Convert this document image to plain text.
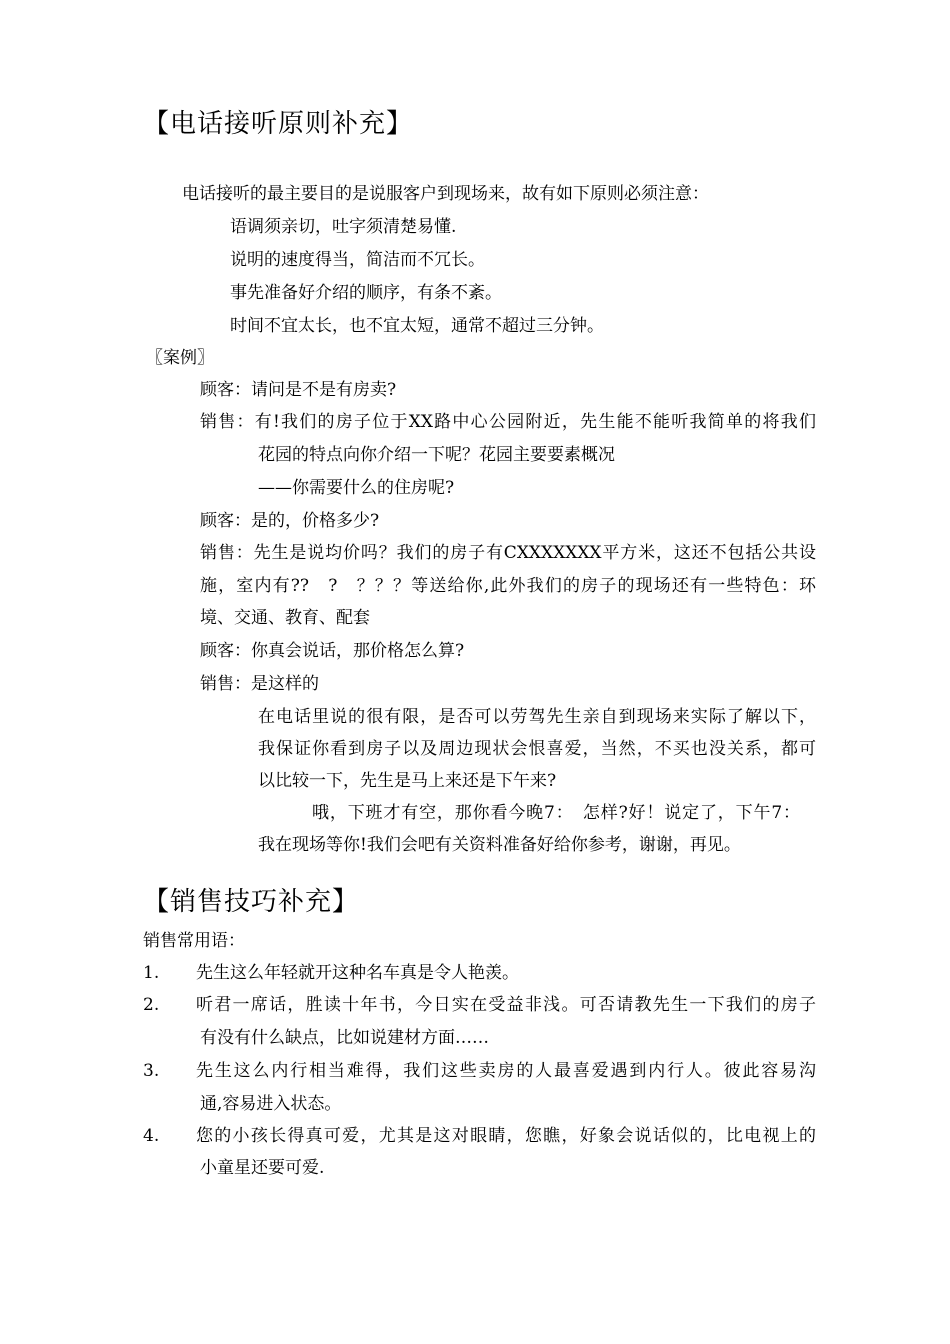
【电话接听原则补充】
电话接听的最主要目的是说服客户到现场来，故有如下原则必须注意：
语调须亲切，吐字须清楚易懂.
说明的速度得当，简洁而不冗长。
事先准备好介绍的顺序，有条不紊。
时间不宜太长，也不宜太短，通常不超过三分钟。
〖案例〗
顾客：请问是不是有房卖?
销售：有!我们的房子位于XX路中心公园附近，先生能不能听我简单的将我们
花园的特点向你介绍一下呢？花园主要要素概况
——你需要什么的住房呢?
顾客：是的，价格多少?
销售：先生是说均价吗？我们的房子有CXXXXXXX平方米，这还不包括公共设
施，室内有??　?　？？？等送给你,此外我们的房子的现场还有一些特色：环
境、交通、教育、配套
顾客：你真会说话，那价格怎么算?
销售：是这样的
在电话里说的很有限，是否可以劳驾先生亲自到现场来实际了解以下，
我保证你看到房子以及周边现状会恨喜爱，当然，不买也没关系，都可
以比较一下，先生是马上来还是下午来?
哦，下班才有空，那你看今晚7：　怎样?好！说定了，下午7：
我在现场等你!我们会吧有关资料准备好给你参考，谢谢，再见。
【销售技巧补充】
销售常用语：
1. 先生这么年轻就开这种名车真是令人艳羡。
2. 听君一席话，胜读十年书，今日实在受益非浅。可否请教先生一下我们的房子
有没有什么缺点，比如说建材方面……
3. 先生这么内行相当难得，我们这些卖房的人最喜爱遇到内行人。彼此容易沟
通,容易进入状态。
4. 您的小孩长得真可爱，尤其是这对眼睛，您瞧，好象会说话似的，比电视上的
小童星还要可爱.
